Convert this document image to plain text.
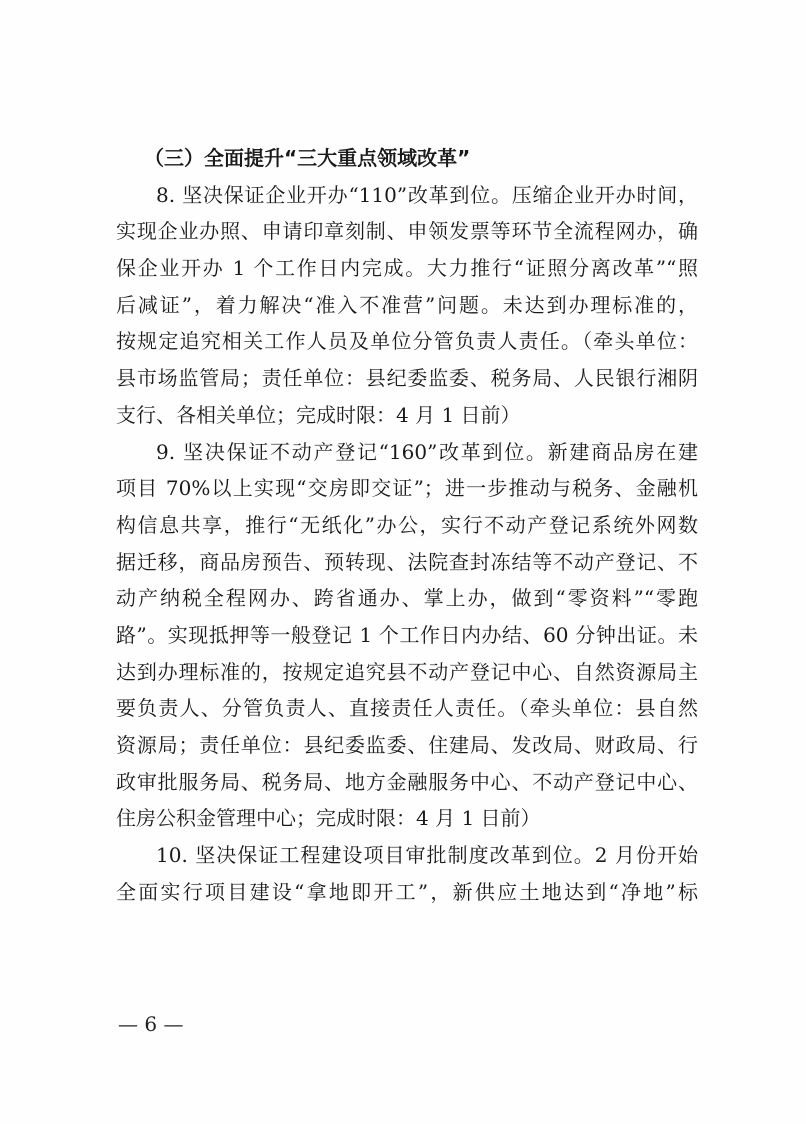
（三）全面提升“三大重点领域改革”

8. 坚决保证企业开办“110”改革到位。压缩企业开办时间，
实现企业办照、申请印章刻制、申领发票等环节全流程网办，确
保企业开办 1 个工作日内完成。大力推行“证照分离改革”“照
后减证”，着力解决“准入不准营”问题。未达到办理标准的，
按规定追究相关工作人员及单位分管负责人责任。（牵头单位：
县市场监管局；责任单位：县纪委监委、税务局、人民银行湘阴
支行、各相关单位；完成时限：4 月 1 日前）
9. 坚决保证不动产登记“160”改革到位。新建商品房在建
项目 70%以上实现“交房即交证”；进一步推动与税务、金融机
构信息共享，推行“无纸化”办公，实行不动产登记系统外网数
据迁移，商品房预告、预转现、法院查封冻结等不动产登记、不
动产纳税全程网办、跨省通办、掌上办，做到“零资料”“零跑
路”。实现抵押等一般登记 1 个工作日内办结、60 分钟出证。未
达到办理标准的，按规定追究县不动产登记中心、自然资源局主
要负责人、分管负责人、直接责任人责任。（牵头单位：县自然
资源局；责任单位：县纪委监委、住建局、发改局、财政局、行
政审批服务局、税务局、地方金融服务中心、不动产登记中心、
住房公积金管理中心；完成时限：4 月 1 日前）
10. 坚决保证工程建设项目审批制度改革到位。2 月份开始
全面实行项目建设“拿地即开工”，新供应土地达到“净地”标
— 6 —
